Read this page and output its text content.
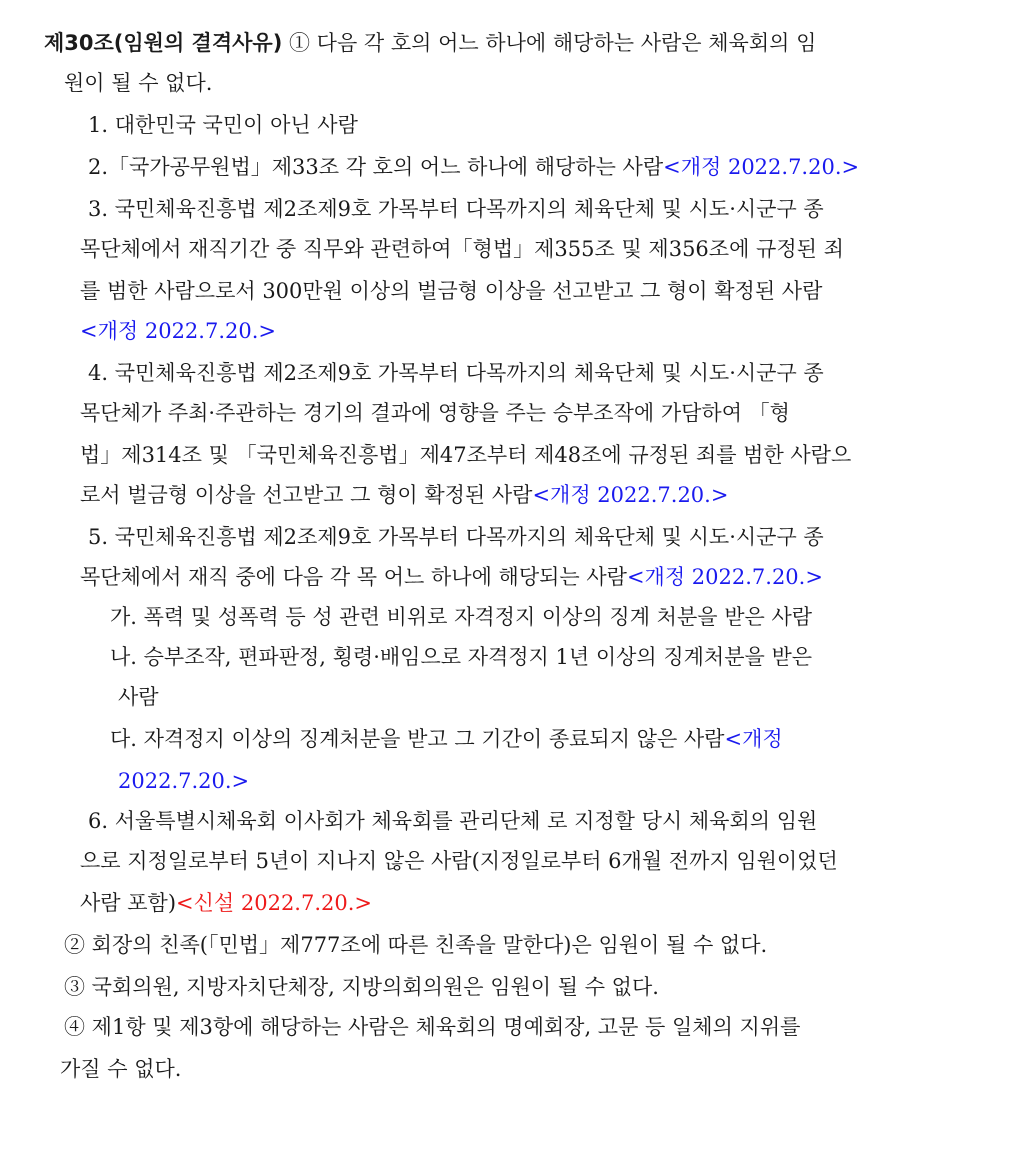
제30조(임원의 결격사유) ① 다음 각 호의 어느 하나에 해당하는 사람은 체육회의 임

원이 될 수 없다.

1. 대한민국 국민이 아닌 사람

2.「국가공무원법」제33조 각 호의 어느 하나에 해당하는 사람<개정 2022.7.20.>

3. 국민체육진흥법 제2조제9호 가목부터 다목까지의 체육단체 및 시도·시군구 종

목단체에서 재직기간 중 직무와 관련하여「형법」제355조 및 제356조에 규정된 죄

를 범한 사람으로서 300만원 이상의 벌금형 이상을 선고받고 그 형이 확정된 사람

<개정 2022.7.20.>

4. 국민체육진흥법 제2조제9호 가목부터 다목까지의 체육단체 및 시도·시군구 종

목단체가 주최·주관하는 경기의 결과에 영향을 주는 승부조작에 가담하여 「형

법」제314조 및 「국민체육진흥법」제47조부터 제48조에 규정된 죄를 범한 사람으

로서 벌금형 이상을 선고받고 그 형이 확정된 사람<개정 2022.7.20.>

5. 국민체육진흥법 제2조제9호 가목부터 다목까지의 체육단체 및 시도·시군구 종

목단체에서 재직 중에 다음 각 목 어느 하나에 해당되는 사람<개정 2022.7.20.>

가. 폭력 및 성폭력 등 성 관련 비위로 자격정지 이상의 징계 처분을 받은 사람

나. 승부조작, 편파판정, 횡령·배임으로 자격정지 1년 이상의 징계처분을 받은

사람

다. 자격정지 이상의 징계처분을 받고 그 기간이 종료되지 않은 사람<개정

2022.7.20.>

6. 서울특별시체육회 이사회가 체육회를 관리단체 로 지정할 당시 체육회의 임원

으로 지정일로부터 5년이 지나지 않은 사람(지정일로부터 6개월 전까지 임원이었던

사람 포함)<신설 2022.7.20.>

② 회장의 친족(「민법」제777조에 따른 친족을 말한다)은 임원이 될 수 없다.

③ 국회의원, 지방자치단체장, 지방의회의원은 임원이 될 수 없다.

④ 제1항 및 제3항에 해당하는 사람은 체육회의 명예회장, 고문 등 일체의 지위를

가질 수 없다.
